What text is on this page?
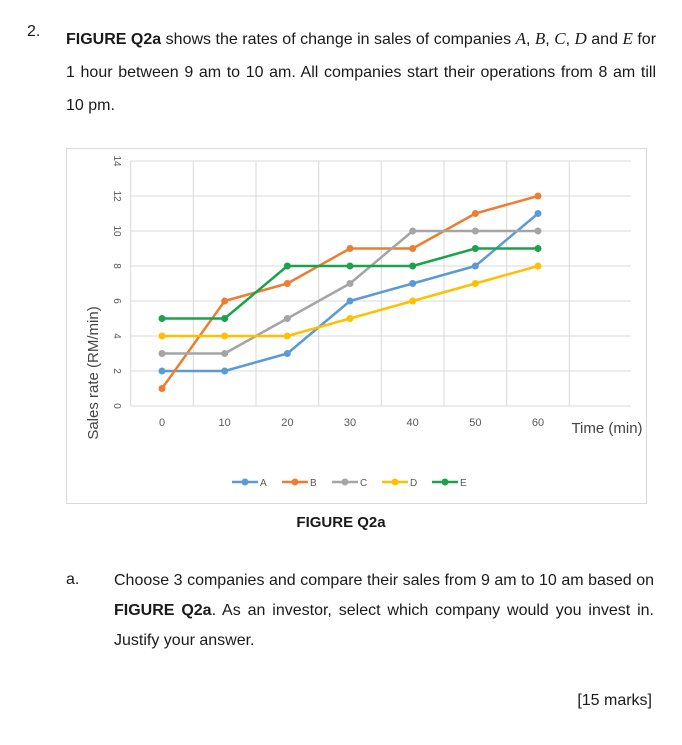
2. FIGURE Q2a shows the rates of change in sales of companies A, B, C, D and E for 1 hour between 9 am to 10 am. All companies start their operations from 8 am till 10 pm.
0
2
4
6
8
10
12
14
0	10	20	30	40	50	60
A	B	C	D	E
Sales rate (RM/min)	Time (min)
FIGURE Q2a
a. Choose 3 companies and compare their sales from 9 am to 10 am based on FIGURE Q2a. As an investor, select which company would you invest in. Justify your answer.
[15 marks]
